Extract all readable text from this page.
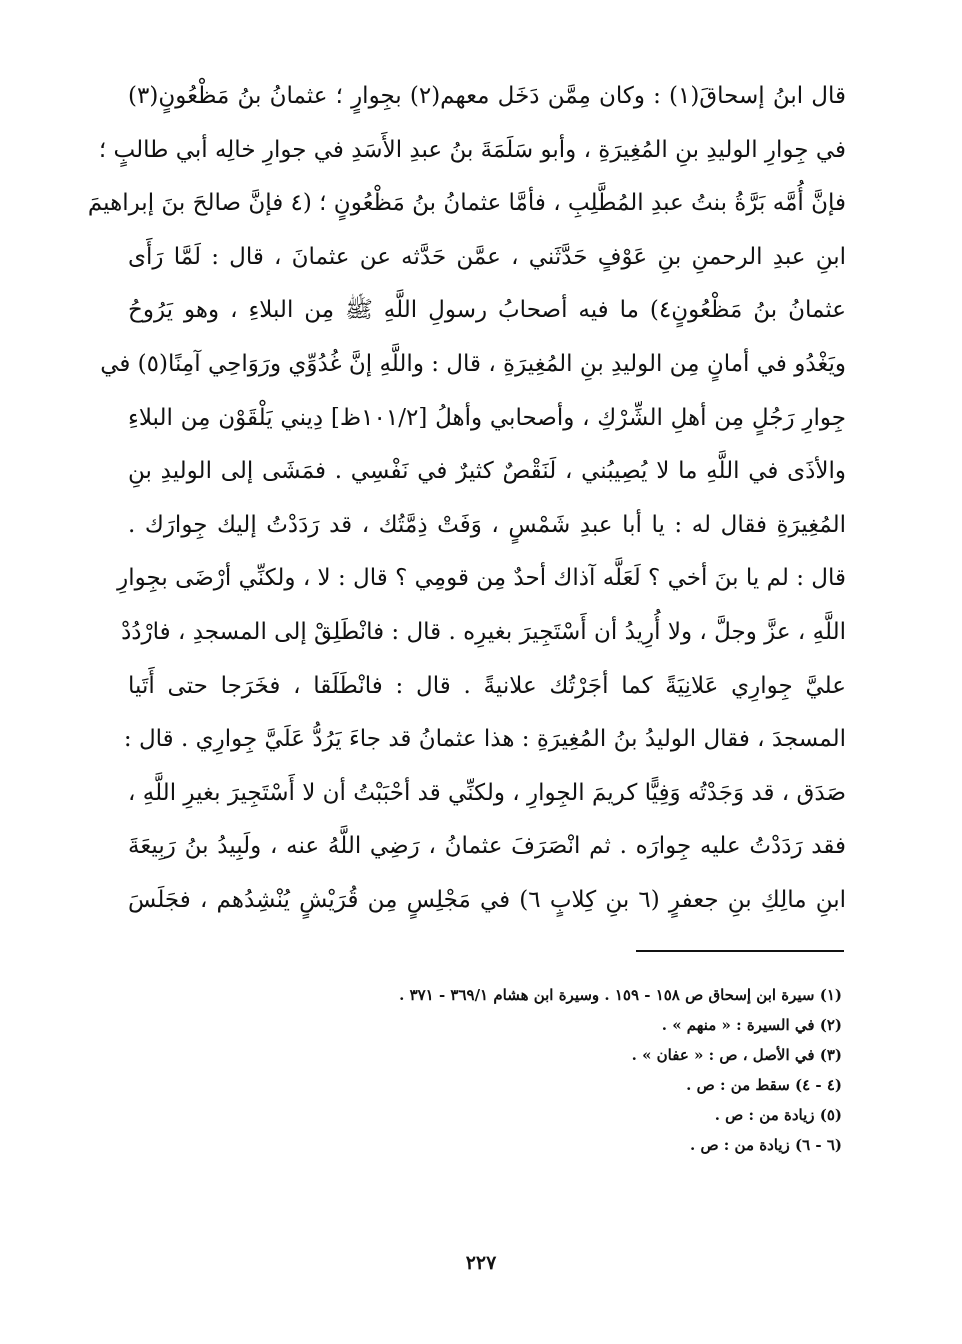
قال ابنُ إسحاقَ(١) : وكان مِمَّن دَخَل معهم(٢) بجِوارٍ ؛ عثمانُ بنُ مَظْعُونٍ(٣)
في جِوارِ الوليدِ بنِ المُغِيرَةِ ، وأبو سَلَمَةَ بنُ عبدِ الأَسَدِ في جوارِ خالِه أبي طالبٍ ؛
فإنَّ أُمَّه بَرَّةُ بنتُ عبدِ المُطَّلِبِ ، فأمَّا عثمانُ بنُ مَظْعُونٍ ؛ (٤ فإنَّ صالحَ بنَ إبراهيمَ
ابنِ عبدِ الرحمنِ بنِ عَوْفٍ حَدَّثَني ، عمَّن حَدَّثه عن عثمانَ ، قال : لَمَّا رَأَى
عثمانُ بنُ مَظْعُونٍ٤) ما فيه أصحابُ رسولِ اللَّهِ ﷺ مِن البلاءِ ، وهو يَرُوحُ
ويَغْدُو في أمانٍ مِن الوليدِ بنِ المُغِيرَةِ ، قال : واللَّهِ إنَّ غُدُوِّي ورَوَاحِي آمِنًا(٥) في
جِوارِ رَجُلٍ مِن أهلِ الشِّرْكِ ، وأصحابي وأهلُ [١٠١/٢ظ] دِيني يَلْقَوْن مِن البلاءِ
والأذَى في اللَّهِ ما لا يُصِيبُني ، لَنَقْصٌ كثيرٌ في نَفْسِي . فمَشَى إلى الوليدِ بنِ
المُغِيرَةِ فقال له : يا أبا عبدِ شَمْسٍ ، وَفَتْ ذِمَّتُك ، قد رَدَدْتُ إليك جِوارَك .
قال : لم يا بنَ أخي ؟ لَعَلَّه آذاك أحدٌ مِن قومِي ؟ قال : لا ، ولكنِّي أرْضَى بجِوارِ
اللَّهِ ، عزَّ وجلَّ ، ولا أُرِيدُ أن أَسْتَجِيرَ بغيرِه . قال : فانْطَلِقْ إلى المسجدِ ، فارْدُدْ
عليَّ جِوارِي عَلانِيَةً كما أجَرْتُك علانيةً . قال : فانْطَلَقا ، فخَرَجا حتى أَتَيا
المسجدَ ، فقال الوليدُ بنُ المُغِيرَةِ : هذا عثمانُ قد جاءَ يَرُدُّ عَلَيَّ جِوارِي . قال :
صَدَق ، قد وَجَدْتُه وَفِيًّا كريمَ الجِوارِ ، ولكنِّي قد أحْبَبْتُ أن لا أَسْتَجِيرَ بغيرِ اللَّهِ ،
فقد رَدَدْتُ عليه جِوارَه . ثم انْصَرَفَ عثمانُ ، رَضِي اللَّهُ عنه ، ولَبِيدُ بنُ رَبِيعَةَ
ابنِ مالِكِ بنِ جعفرٍ (٦ بنِ كِلابٍ ٦) في مَجْلِسٍ مِن قُرَيْشٍ يُنْشِدُهم ، فجَلَسَ
(١) سيرة ابن إسحاق ص ١٥٨ - ١٥٩ . وسيرة ابن هشام ٣٦٩/١ - ٣٧١ .
(٢) في السيرة : « منهم » .
(٣) في الأصل ، ص : « عفان » .
(٤ - ٤) سقط من : ص .
(٥) زيادة من : ص .
(٦ - ٦) زيادة من : ص .
٢٢٧
